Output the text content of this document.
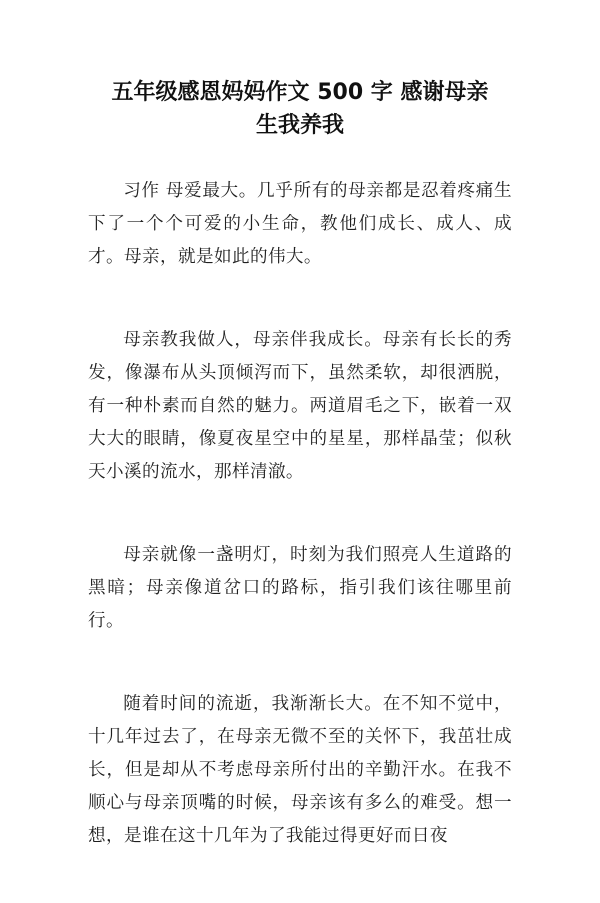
五年级感恩妈妈作文 500 字 感谢母亲
生我养我

习作 母爱最大。几乎所有的母亲都是忍着疼痛生下了一个个可爱的小生命，教他们成长、成人、成才。母亲，就是如此的伟大。

母亲教我做人，母亲伴我成长。母亲有长长的秀发，像瀑布从头顶倾泻而下，虽然柔软，却很洒脱，有一种朴素而自然的魅力。两道眉毛之下，嵌着一双大大的眼睛，像夏夜星空中的星星，那样晶莹；似秋天小溪的流水，那样清澈。

母亲就像一盏明灯，时刻为我们照亮人生道路的黑暗；母亲像道岔口的路标，指引我们该往哪里前行。

随着时间的流逝，我渐渐长大。在不知不觉中，十几年过去了，在母亲无微不至的关怀下，我茁壮成长，但是却从不考虑母亲所付出的辛勤汗水。在我不顺心与母亲顶嘴的时候，母亲该有多么的难受。想一想，是谁在这十几年为了我能过得更好而日夜
